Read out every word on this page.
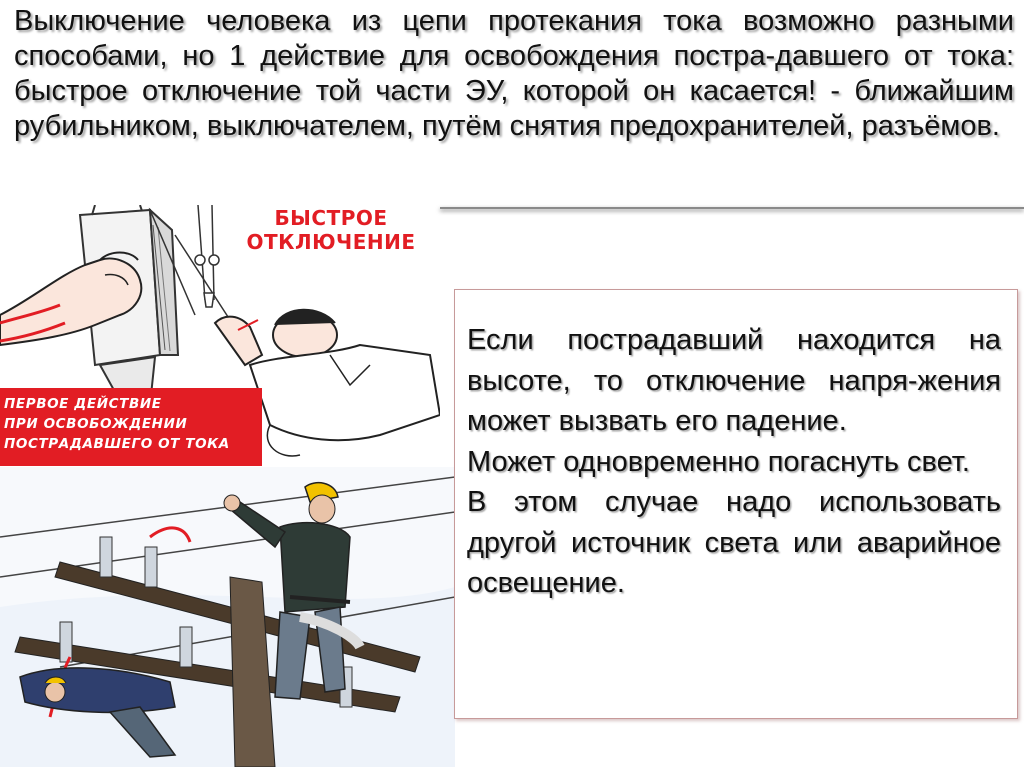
Выключение человека из цепи протекания тока возможно разными способами, но 1 действие для освобождения постра-давшего от тока: быстрое отключение той части ЭУ, которой он касается! - ближайшим рубильником, выключателем, путём снятия предохранителей, разъёмов.

БЫСТРОЕ
ОТКЛЮЧЕНИЕ
ПЕРВОЕ ДЕЙСТВИЕ
ПРИ ОСВОБОЖДЕНИИ
ПОСТРАДАВШЕГО ОТ ТОКА

Если пострадавший находится на высоте, то отключение напря-жения может вызвать его падение.

Может одновременно погаснуть свет.

В этом случае надо использовать другой источник света или аварийное освещение.
